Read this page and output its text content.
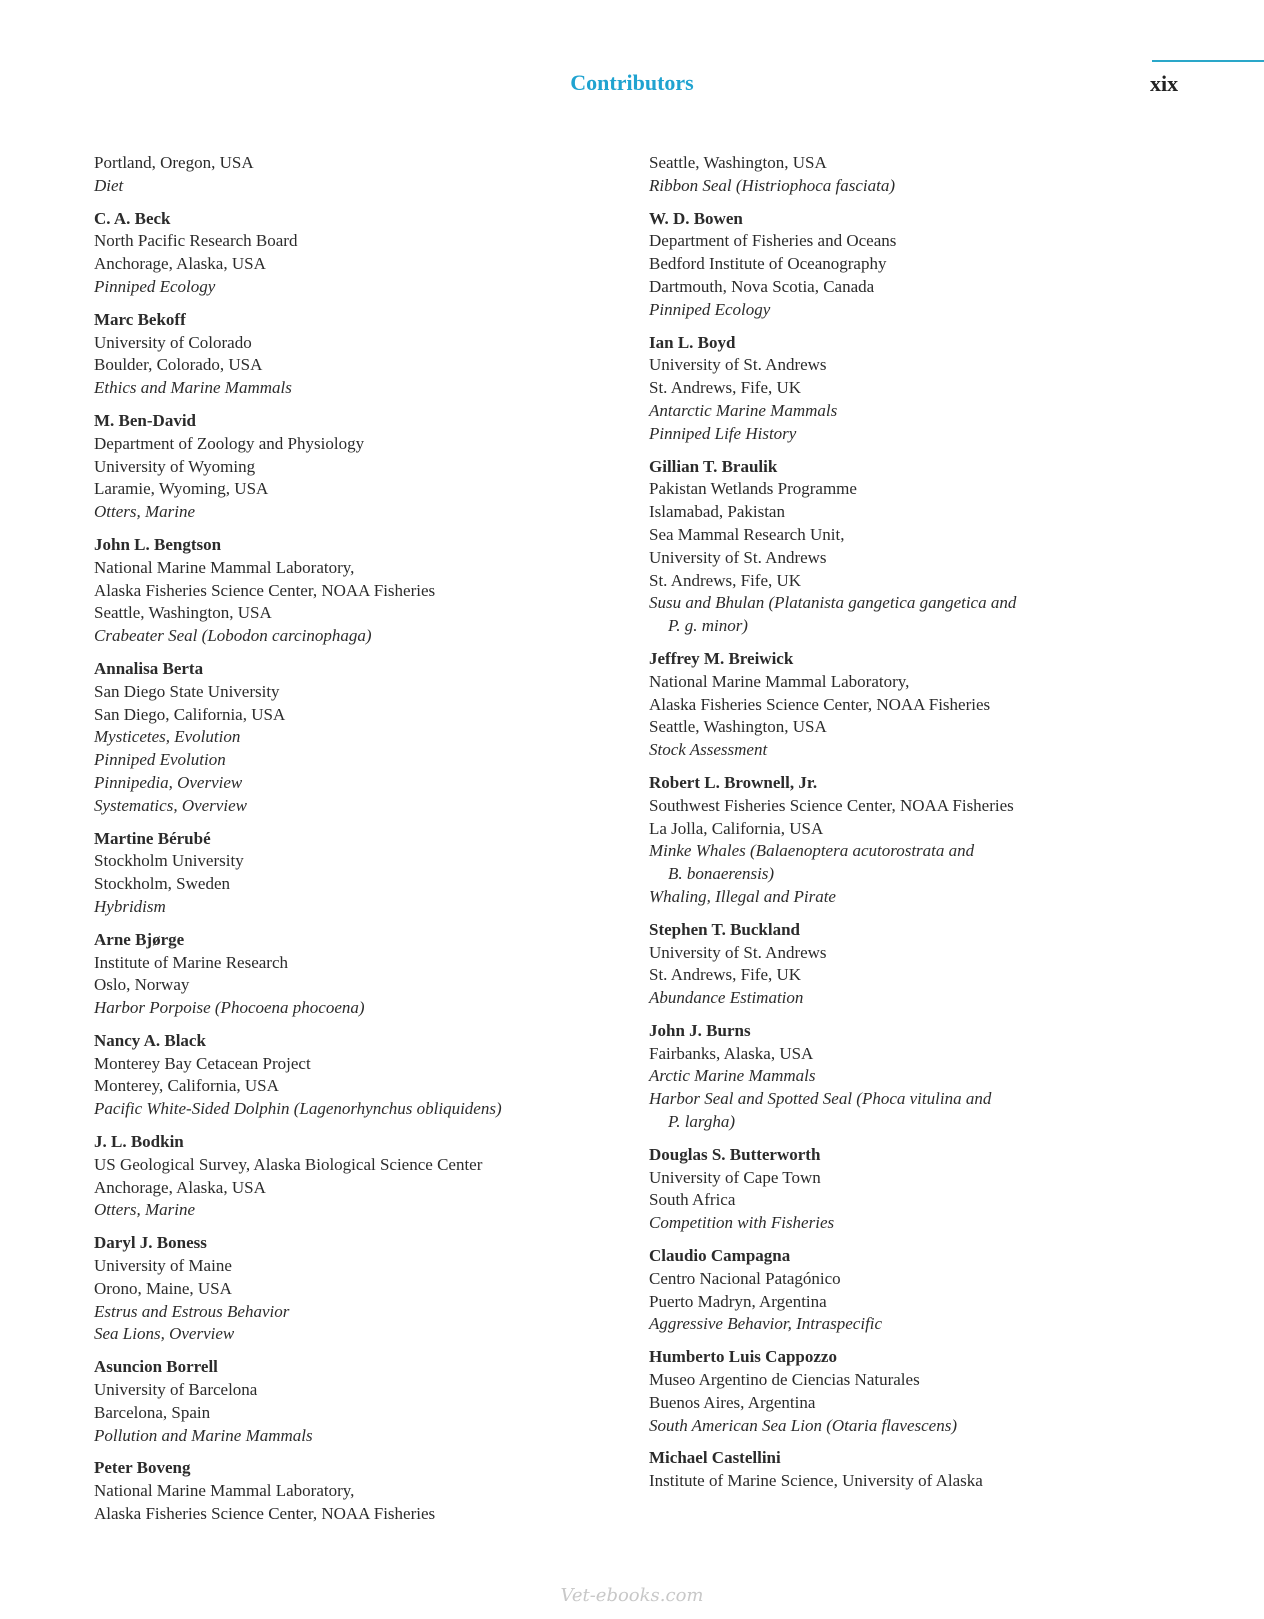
Contributors	xix
Portland, Oregon, USA
Diet
C. A. Beck
North Pacific Research Board
Anchorage, Alaska, USA
Pinniped Ecology
Marc Bekoff
University of Colorado
Boulder, Colorado, USA
Ethics and Marine Mammals
M. Ben-David
Department of Zoology and Physiology
University of Wyoming
Laramie, Wyoming, USA
Otters, Marine
John L. Bengtson
National Marine Mammal Laboratory,
Alaska Fisheries Science Center, NOAA Fisheries
Seattle, Washington, USA
Crabeater Seal (Lobodon carcinophaga)
Annalisa Berta
San Diego State University
San Diego, California, USA
Mysticetes, Evolution
Pinniped Evolution
Pinnipedia, Overview
Systematics, Overview
Martine Bérubé
Stockholm University
Stockholm, Sweden
Hybridism
Arne Bjørge
Institute of Marine Research
Oslo, Norway
Harbor Porpoise (Phocoena phocoena)
Nancy A. Black
Monterey Bay Cetacean Project
Monterey, California, USA
Pacific White-Sided Dolphin (Lagenorhynchus obliquidens)
J. L. Bodkin
US Geological Survey, Alaska Biological Science Center
Anchorage, Alaska, USA
Otters, Marine
Daryl J. Boness
University of Maine
Orono, Maine, USA
Estrus and Estrous Behavior
Sea Lions, Overview
Asuncion Borrell
University of Barcelona
Barcelona, Spain
Pollution and Marine Mammals
Peter Boveng
National Marine Mammal Laboratory,
Alaska Fisheries Science Center, NOAA Fisheries
Seattle, Washington, USA
Ribbon Seal (Histriophoca fasciata)
W. D. Bowen
Department of Fisheries and Oceans
Bedford Institute of Oceanography
Dartmouth, Nova Scotia, Canada
Pinniped Ecology
Ian L. Boyd
University of St. Andrews
St. Andrews, Fife, UK
Antarctic Marine Mammals
Pinniped Life History
Gillian T. Braulik
Pakistan Wetlands Programme
Islamabad, Pakistan
Sea Mammal Research Unit,
University of St. Andrews
St. Andrews, Fife, UK
Susu and Bhulan (Platanista gangetica gangetica and
P. g. minor)
Jeffrey M. Breiwick
National Marine Mammal Laboratory,
Alaska Fisheries Science Center, NOAA Fisheries
Seattle, Washington, USA
Stock Assessment
Robert L. Brownell, Jr.
Southwest Fisheries Science Center, NOAA Fisheries
La Jolla, California, USA
Minke Whales (Balaenoptera acutorostrata and
B. bonaerensis)
Whaling, Illegal and Pirate
Stephen T. Buckland
University of St. Andrews
St. Andrews, Fife, UK
Abundance Estimation
John J. Burns
Fairbanks, Alaska, USA
Arctic Marine Mammals
Harbor Seal and Spotted Seal (Phoca vitulina and
P. largha)
Douglas S. Butterworth
University of Cape Town
South Africa
Competition with Fisheries
Claudio Campagna
Centro Nacional Patagónico
Puerto Madryn, Argentina
Aggressive Behavior, Intraspecific
Humberto Luis Cappozzo
Museo Argentino de Ciencias Naturales
Buenos Aires, Argentina
South American Sea Lion (Otaria flavescens)
Michael Castellini
Institute of Marine Science, University of Alaska
Vet-ebooks.com
